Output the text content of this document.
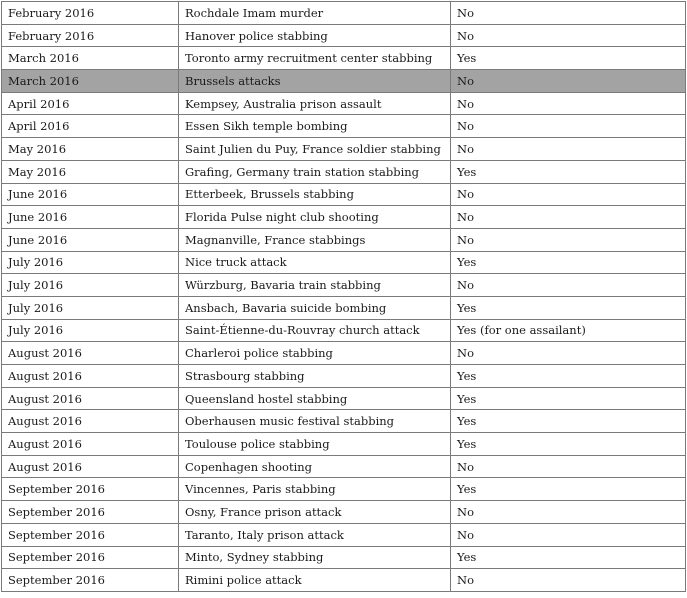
February 2016	Rochdale Imam murder	No
February 2016	Hanover police stabbing	No
March 2016	Toronto army recruitment center stabbing	Yes
March 2016	Brussels attacks	No
April 2016	Kempsey, Australia prison assault	No
April 2016	Essen Sikh temple bombing	No
May 2016	Saint Julien du Puy, France soldier stabbing	No
May 2016	Grafing, Germany train station stabbing	Yes
June 2016	Etterbeek, Brussels stabbing	No
June 2016	Florida Pulse night club shooting	No
June 2016	Magnanville, France stabbings	No
July 2016	Nice truck attack	Yes
July 2016	Würzburg, Bavaria train stabbing	No
July 2016	Ansbach, Bavaria suicide bombing	Yes
July 2016	Saint-Étienne-du-Rouvray church attack	Yes (for one assailant)
August 2016	Charleroi police stabbing	No
August 2016	Strasbourg stabbing	Yes
August 2016	Queensland hostel stabbing	Yes
August 2016	Oberhausen music festival stabbing	Yes
August 2016	Toulouse police stabbing	Yes
August 2016	Copenhagen shooting	No
September 2016	Vincennes, Paris stabbing	Yes
September 2016	Osny, France prison attack	No
September 2016	Taranto, Italy prison attack	No
September 2016	Minto, Sydney stabbing	Yes
September 2016	Rimini police attack	No
